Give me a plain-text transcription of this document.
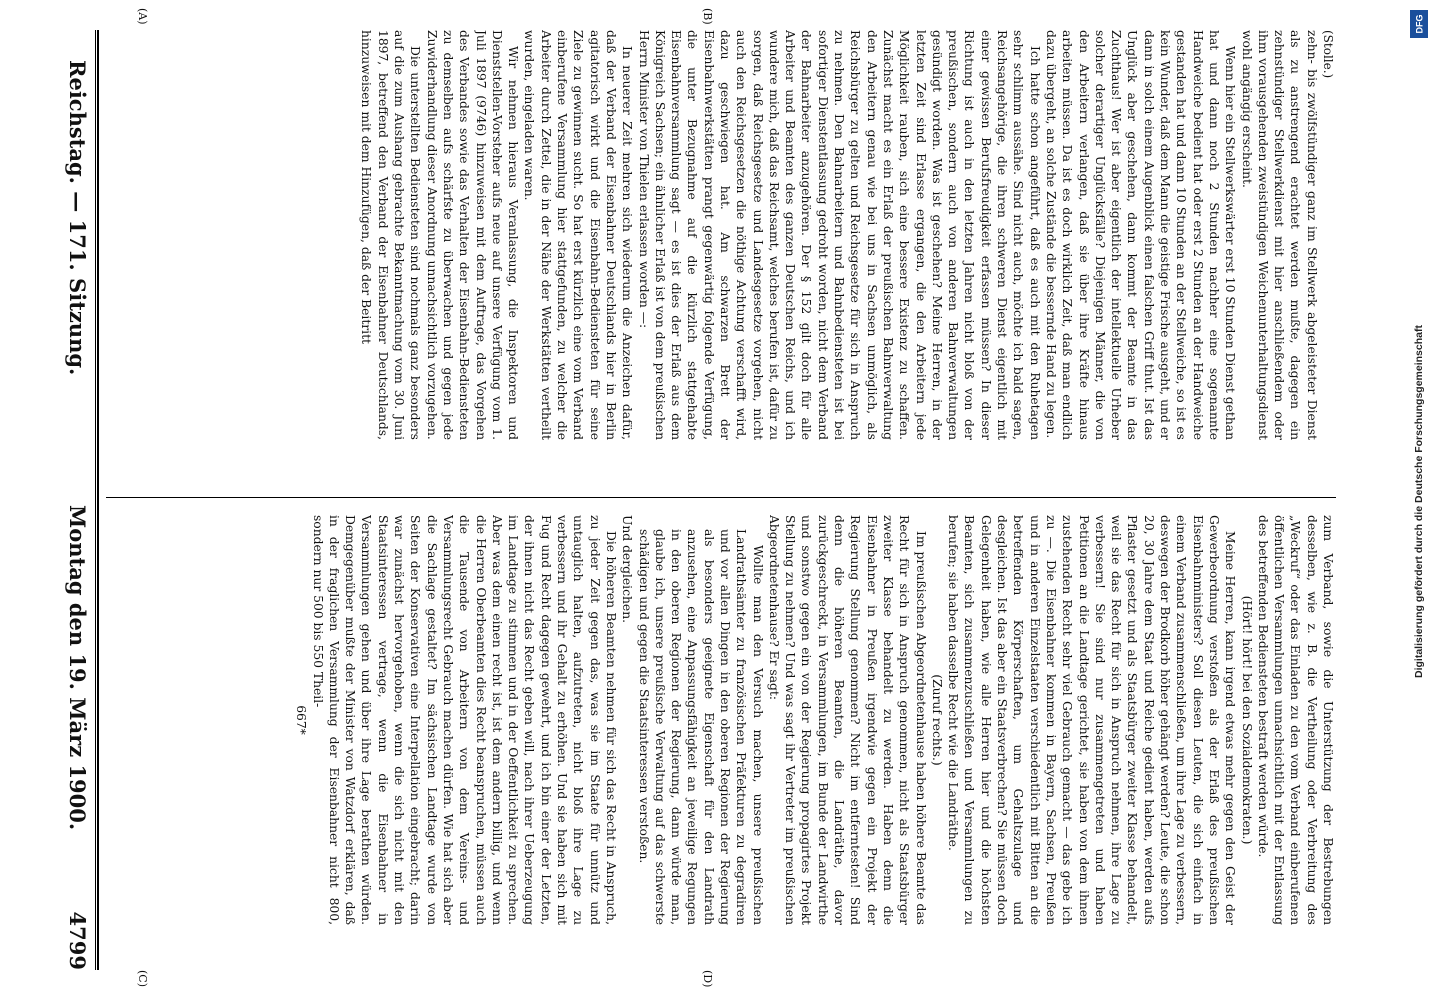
Reichstag. — 171. Sitzung.
Montag den 19. März 1900.
4799
(A)	(B)
(C)	(D)

(Stolle.)

zehn- bis zwölfstündiger ganz im Stellwerk abgeleisteter Dienst als zu anstrengend erachtet werden mußte, dagegen ein zehnstündiger Stellwerkdienst mit hier anschließendem oder ihm vorausgehenden zweistündigen Weichenunterhaltungsdienst wohl angängig erscheint.

Wenn hier ein Stellwerkswärter erst 10 Stunden Dienst gethan hat und dann noch 2 Stunden nachher eine sogenannte Handweiche bedient hat oder erst 2 Stunden an der Handweiche gestanden hat und dann 10 Stunden an der Stellweiche, so ist es kein Wunder, daß dem Mann die geistige Frische ausgeht, und er dann in solch einem Augenblick einen falschen Griff thut. Ist das Unglück aber geschehen, dann kommt der Beamte in das Zuchthaus! Wer ist aber eigentlich der intellektuelle Urheber solcher derartiger Unglücksfälle? Diejenigen Männer, die von den Arbeitern verlangen, daß sie über ihre Kräfte hinaus arbeiten müssen. Da ist es doch wirklich Zeit, daß man endlich dazu übergeht, an solche Zustände die bessernde Hand zu legen.

Ich hatte schon angeführt, daß es auch mit den Ruhetagen sehr schlimm aussähe. Sind nicht auch, möchte ich bald sagen, Reichsangehörige, die ihren schweren Dienst eigentlich mit einer gewissen Berufsfreudigkeit erfassen müssen? In dieser Richtung ist auch in den letzten Jahren nicht bloß von der preußischen, sondern auch von anderen Bahnverwaltungen gesündigt worden. Was ist geschehen? Meine Herren, in der letzten Zeit sind Erlasse ergangen, die den Arbeitern jede Möglichkeit rauben, sich eine bessere Existenz zu schaffen. Zunächst macht es ein Erlaß der preußischen Bahnverwaltung den Arbeitern genau wie bei uns in Sachsen unmöglich, als Reichsbürger zu gelten und Reichsgesetze für sich in Anspruch zu nehmen. Den Bahnarbeitern und Bahnbediensteten ist bei sofortiger Dienstentlassung gedroht worden, nicht dem Verband der Bahnarbeiter anzugehören. Der § 152 gilt doch für alle Arbeiter und Beamten des ganzen Deutschen Reichs, und ich wundere mich, daß das Reichsamt, welches berufen ist, dafür zu sorgen, daß Reichsgesetze und Landesgesetze vorgehen, nicht auch den Reichsgesetzen die nöthige Achtung verschafft wird, dazu geschwiegen hat. Am schwarzen Brett der Eisenbahnwerkstätten prangt gegenwärtig folgende Verfügung, die unter Bezugnahme auf die kürzlich stattgehabte Eisenbahnversammlung sagt — es ist dies der Erlaß aus dem Königreich Sachsen; ein ähnlicher Erlaß ist von dem preußischen Herrn Minister von Thielen erlassen worden —:

In neuerer Zeit mehren sich wiederum die Anzeichen dafür, daß der Verband der Eisenbahner Deutschlands hier in Berlin agitatorisch wirkt und die Eisenbahn-Bediensteten für seine Ziele zu gewinnen sucht. So hat erst kürzlich eine vom Verband einberufene Versammlung hier stattgefunden, zu welcher die Arbeiter durch Zettel, die in der Nähe der Werkstätten vertheilt wurden, eingeladen waren.

Wir nehmen hieraus Veranlassung, die Inspektoren und Dienststellen-Vorsteher aufs neue auf unsere Verfügung vom 1. Juli 1897 (9746) hinzuweisen mit dem Auftrage, das Vorgehen des Verbandes sowie das Verhalten der Eisenbahn-Bediensteten zu demselben aufs schärfste zu überwachen und gegen jede Zuwiderhandlung dieser Anordnung unnachsichtlich vorzugehen.

Die unterstellten Bediensteten sind nochmals ganz besonders auf die zum Aushang gebrachte Bekanntmachung vom 30. Juni 1897, betreffend den Verband der Eisenbahner Deutschlands, hinzuweisen mit dem Hinzufügen, daß der Beitritt

zum Verband, sowie die Unterstützung der Bestrebungen desselben, wie z. B. die Vertheilung oder Verbreitung des „Weckruf“ oder das Einladen zu den vom Verband einberufenen öffentlichen Versammlungen unnachsichtlich mit der Entlassung des betreffenden Bediensteten bestraft werden würde.

(Hört! hört! bei den Sozialdemokraten.)

Meine Herren, kann irgend etwas mehr gegen den Geist der Gewerbeordnung verstoßen als der Erlaß des preußischen Eisenbahnministers? Soll diesen Leuten, die sich einfach in einem Verband zusammenschließen, um ihre Lage zu verbessern, deswegen der Brodkorb höher gehängt werden? Leute, die schon 20, 30 Jahre dem Staat und Reiche gedient haben, werden aufs Pflaster gesetzt und als Staatsbürger zweiter Klasse behandelt, weil sie das Recht für sich in Anspruch nehmen, ihre Lage zu verbessern! Sie sind nur zusammengetreten und haben Petitionen an die Landtage gerichtet, sie haben von dem ihnen zustehenden Recht sehr viel Gebrauch gemacht — das gebe ich zu —. Die Eisenbahner kommen in Bayern, Sachsen, Preußen und in anderen Einzelstaaten verschiedentlich mit Bitten an die betreffenden Körperschaften, um Gehaltszulage und desgleichen. Ist das aber ein Staatsverbrechen? Sie müssen doch Gelegenheit haben, wie alle Herren hier und die höchsten Beamten, sich zusammenzuschließen und Versammlungen zu berufen; sie haben dasselbe Recht wie die Landräthe.

(Zuruf rechts.)

Im preußischen Abgeordnetenhause haben höhere Beamte das Recht für sich in Anspruch genommen, nicht als Staatsbürger zweiter Klasse behandelt zu werden. Haben denn die Eisenbahner in Preußen irgendwie gegen ein Projekt der Regierung Stellung genommen? Nicht im entferntesten! Sind denn die höheren Beamten, die Landräthe, davor zurückgeschreckt, in Versammlungen, im Bunde der Landwirthe und sonstwo gegen ein von der Regierung propagirtes Projekt Stellung zu nehmen? Und was sagt ihr Vertreter im preußischen Abgeordnetenhause? Er sagt:

Wollte man den Versuch machen, unsere preußischen Landrathsämter zu französischen Präfekturen zu degradiren und vor allen Dingen in den oberen Regionen der Regierung als besonders geeignete Eigenschaft für den Landrath anzusehen, eine Anpassungsfähigkeit an jeweilige Regungen in den oberen Regionen der Regierung, dann würde man, glaube ich, unsere preußische Verwaltung auf das schwerste schädigen und gegen die Staatsinteressen verstoßen.

Und dergleichen.

Die höheren Beamten nehmen für sich das Recht in Anspruch, zu jeder Zeit gegen das, was sie im Staate für unnütz und untauglich halten, aufzutreten, nicht bloß ihre Lage zu verbessern und ihr Gehalt zu erhöhen. Und sie haben sich mit Fug und Recht dagegen gewehrt, und ich bin einer der Letzten, der ihnen nicht das Recht geben will, nach ihrer Ueberzeugung im Landtage zu stimmen und in der Oeffentlichkeit zu sprechen. Aber was dem einen recht ist, ist dem andern billig, und wenn die Herren Oberbeamten dies Recht beanspruchen, müssen auch die Tausende von Arbeitern von dem Vereins- und Versammlungsrecht Gebrauch machen dürfen. Wie hat sich aber die Sachlage gestaltet? Im sächsischen Landtage wurde von Seiten der Konservativen eine Interpellation eingebracht; darin war zunächst hervorgehoben, wenn die sich nicht mit den Staatsinteressen vertrage, wenn die Eisenbahner in Versammlungen gehen und über ihre Lage berathen würden. Demgegenüber mußte der Minister von Watzdorf erklären, daß in der fraglichen Versammlung der Eisenbahner nicht 800, sondern nur 500 bis 550 Theil-

667*

DFG
Digitalisierung gefördert durch die Deutsche Forschungsgemeinschaft
